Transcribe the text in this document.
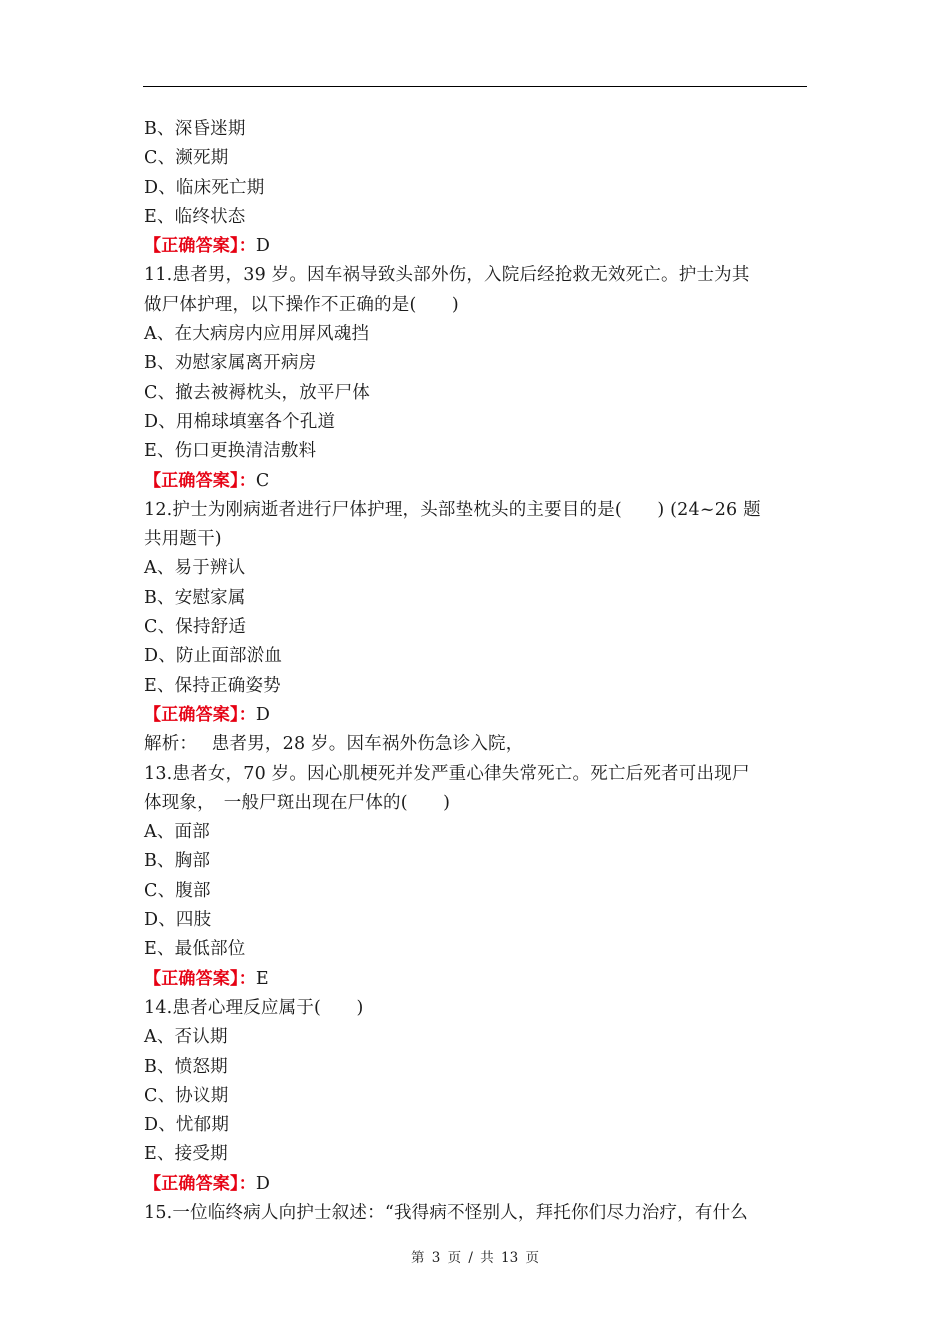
B、深昏迷期
C、濒死期
D、临床死亡期
E、临终状态
【正确答案】：D
11.患者男，39 岁。因车祸导致头部外伤，入院后经抢救无效死亡。护士为其
做尸体护理，以下操作不正确的是(　　)
A、在大病房内应用屏风魂挡
B、劝慰家属离开病房
C、撤去被褥枕头，放平尸体
D、用棉球填塞各个孔道
E、伤口更换清洁敷料
【正确答案】：C
12.护士为刚病逝者进行尸体护理，头部垫枕头的主要目的是(　　) (24~26 题
共用题干)
A、易于辨认
B、安慰家属
C、保持舒适
D、防止面部淤血
E、保持正确姿势
【正确答案】：D
解析：　 患者男，28 岁。因车祸外伤急诊入院，
13.患者女，70 岁。因心肌梗死并发严重心律失常死亡。死亡后死者可出现尸
体现象，　一般尸斑出现在尸体的(　　)
A、面部
B、胸部
C、腹部
D、四肢
E、最低部位
【正确答案】：E
14.患者心理反应属于(　　)
A、否认期
B、愤怒期
C、协议期
D、忧郁期
E、接受期
【正确答案】：D
15.一位临终病人向护士叙述：“我得病不怪别人，拜托你们尽力治疗，有什么
第 3 页 / 共 13 页
